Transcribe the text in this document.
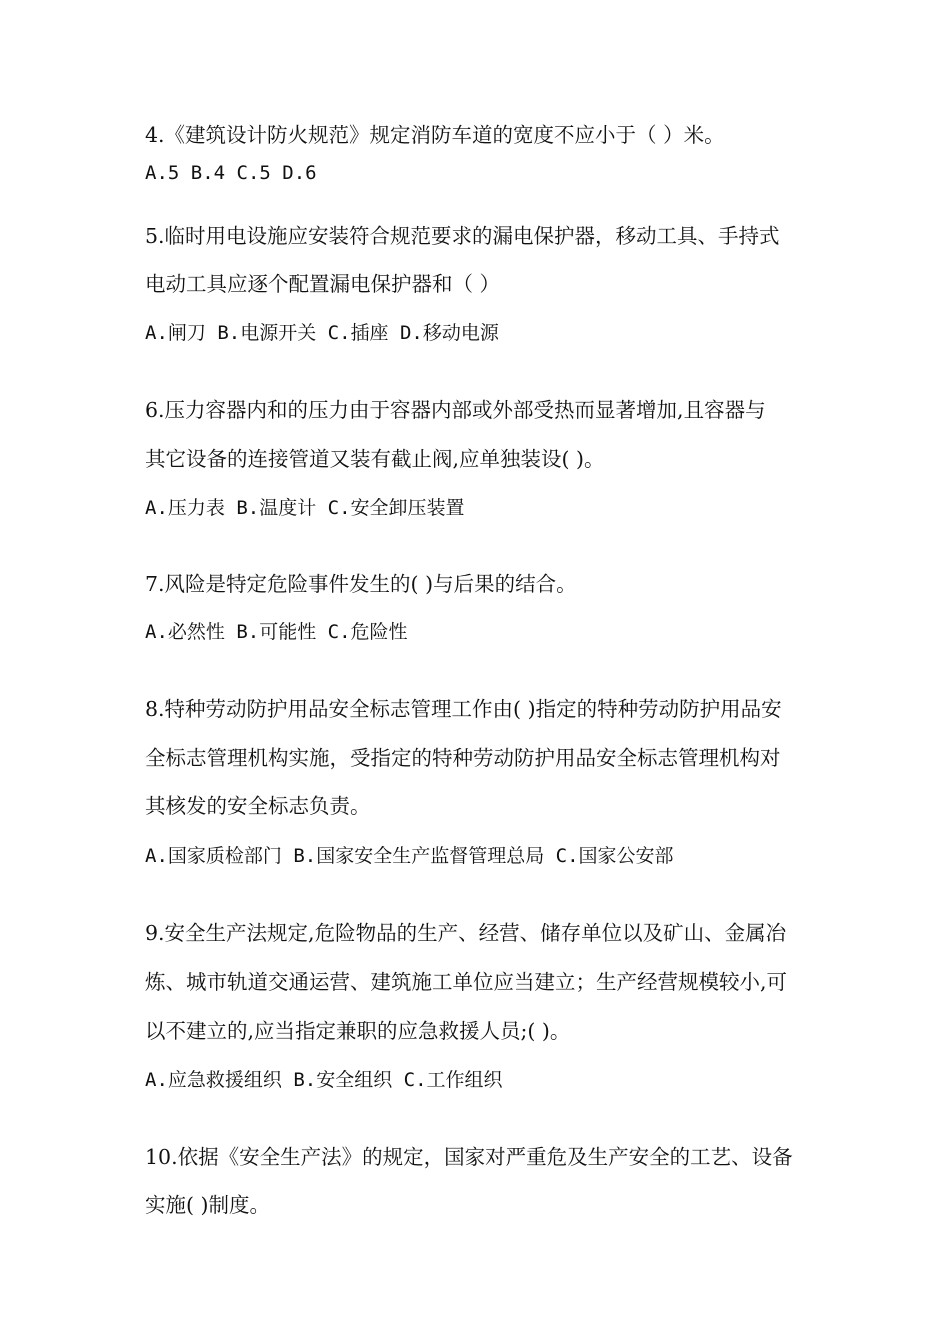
4.《建筑设计防火规范》规定消防车道的宽度不应小于（ ）米。
A.5 B.4 C.5 D.6
5.临时用电设施应安装符合规范要求的漏电保护器，移动工具、手持式
电动工具应逐个配置漏电保护器和（ ）
A.闸刀 B.电源开关 C.插座 D.移动电源
6.压力容器内和的压力由于容器内部或外部受热而显著增加,且容器与
其它设备的连接管道又装有截止阀,应单独装设( )。
A.压力表 B.温度计 C.安全卸压装置
7.风险是特定危险事件发生的( )与后果的结合。
A.必然性 B.可能性 C.危险性
8.特种劳动防护用品安全标志管理工作由( )指定的特种劳动防护用品安
全标志管理机构实施，受指定的特种劳动防护用品安全标志管理机构对
其核发的安全标志负责。
A.国家质检部门 B.国家安全生产监督管理总局 C.国家公安部
9.安全生产法规定,危险物品的生产、经营、储存单位以及矿山、金属冶
炼、城市轨道交通运营、建筑施工单位应当建立；生产经营规模较小,可
以不建立的,应当指定兼职的应急救援人员;( )。
A.应急救援组织 B.安全组织 C.工作组织
10.依据《安全生产法》的规定，国家对严重危及生产安全的工艺、设备
实施( )制度。
